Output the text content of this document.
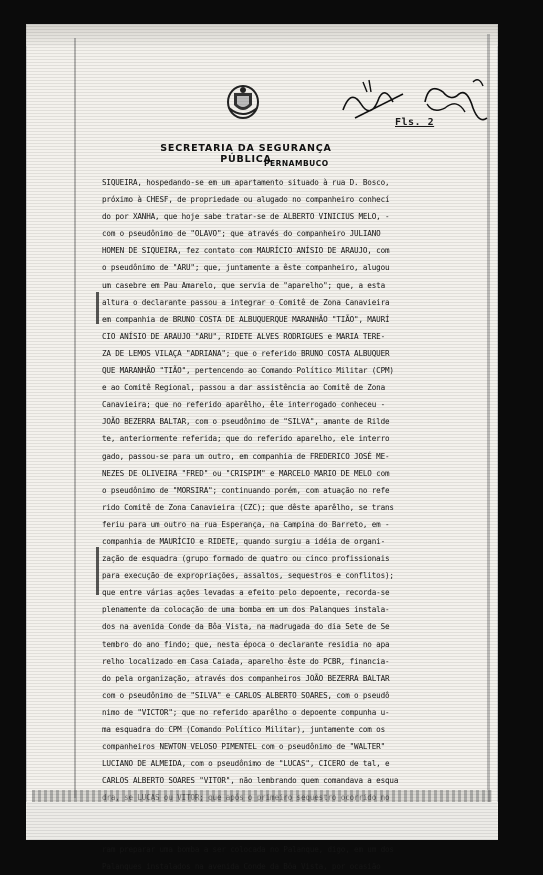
Fls. 2
SECRETARIA DA SEGURANÇA PÚBLICA
PERNAMBUCO
SIQUEIRA, hospedando-se em um apartamento situado à rua D. Bosco,
próximo à CHESF, de propriedade ou alugado no companheiro conhecí
do por XANHA, que hoje sabe tratar-se de ALBERTO VINICIUS MELO, -
com o pseudônimo de "OLAVO"; que através do companheiro JULIANO
HOMEN DE SIQUEIRA, fez contato com MAURÍCIO ANÍSIO DE ARAUJO, com
o pseudônimo de "ARU"; que, juntamente a êste companheiro, alugou
um casebre em Pau Amarelo, que servia de "aparelho"; que, a esta
altura o declarante passou a integrar o Comitê de Zona Canavieira
em companhia de BRUNO COSTA DE ALBUQUERQUE MARANHÃO "TIÃO", MAURÍ
CIO ANÍSIO DE ARAUJO "ARU", RIDETE ALVES RODRIGUES e MARIA TERE-
ZA DE LEMOS VILAÇA "ADRIANA"; que o referido BRUNO COSTA ALBUQUER
QUE MARANHÃO "TIÃO", pertencendo ao Comando Político Militar (CPM)
e ao Comitê Regional, passou a dar assistência ao Comitê de Zona
Canavieira; que no referido aparêlho, êle interrogado conheceu -
JOÃO BEZERRA BALTAR, com o pseudônimo de "SILVA", amante de Rilde
te, anteriormente referida; que do referido aparelho, ele interro
gado, passou-se para um outro, em companhia de FREDERICO JOSÉ ME-
NEZES DE OLIVEIRA "FRED" ou "CRISPIM" e MARCELO MARIO DE MELO com
o pseudônimo de "MORSIRA"; continuando porém, com atuação no refe
rido Comitê de Zona Canavieira (CZC); que dêste aparêlho, se trans
feriu para um outro na rua Esperança, na Campina do Barreto, em -
companhia de MAURÍCIO e RIDETE, quando surgiu a idéia de organi-
zação de esquadra (grupo formado de quatro ou cinco profissionais
para execução de expropriações, assaltos, sequestros e conflitos);
que entre várias ações levadas a efeito pelo depoente, recorda-se
plenamente da colocação de uma bomba em um dos Palanques instala-
dos na avenida Conde da Bôa Vista, na madrugada do dia Sete de Se
tembro do ano findo; que, nesta época o declarante residia no apa
relho localizado em Casa Caiada, aparelho êste do PCBR, financia-
do pela organização, através dos companheiros JOÃO BEZERRA BALTAR
com o pseudônimo de "SILVA" e CARLOS ALBERTO SOARES, com o pseudô
nimo de "VICTOR"; que no referido aparêlho o depoente compunha u-
ma esquadra do CPM (Comando Político Militar), juntamente com os
companheiros NEWTON VELOSO PIMENTEL com o pseudônimo de "WALTER"
LUCIANO DE ALMEIDA, com o pseudônimo de "LUCAS", CICERO de tal, e
CARLOS ALBERTO SOARES "VITOR", não lembrando quem comandava a esqua
ram preparar uma bomba a ser colocada no Palanque, digo, em um dos
Palanques instalados na avenida Conde da Bôa Vista, por ocasião
